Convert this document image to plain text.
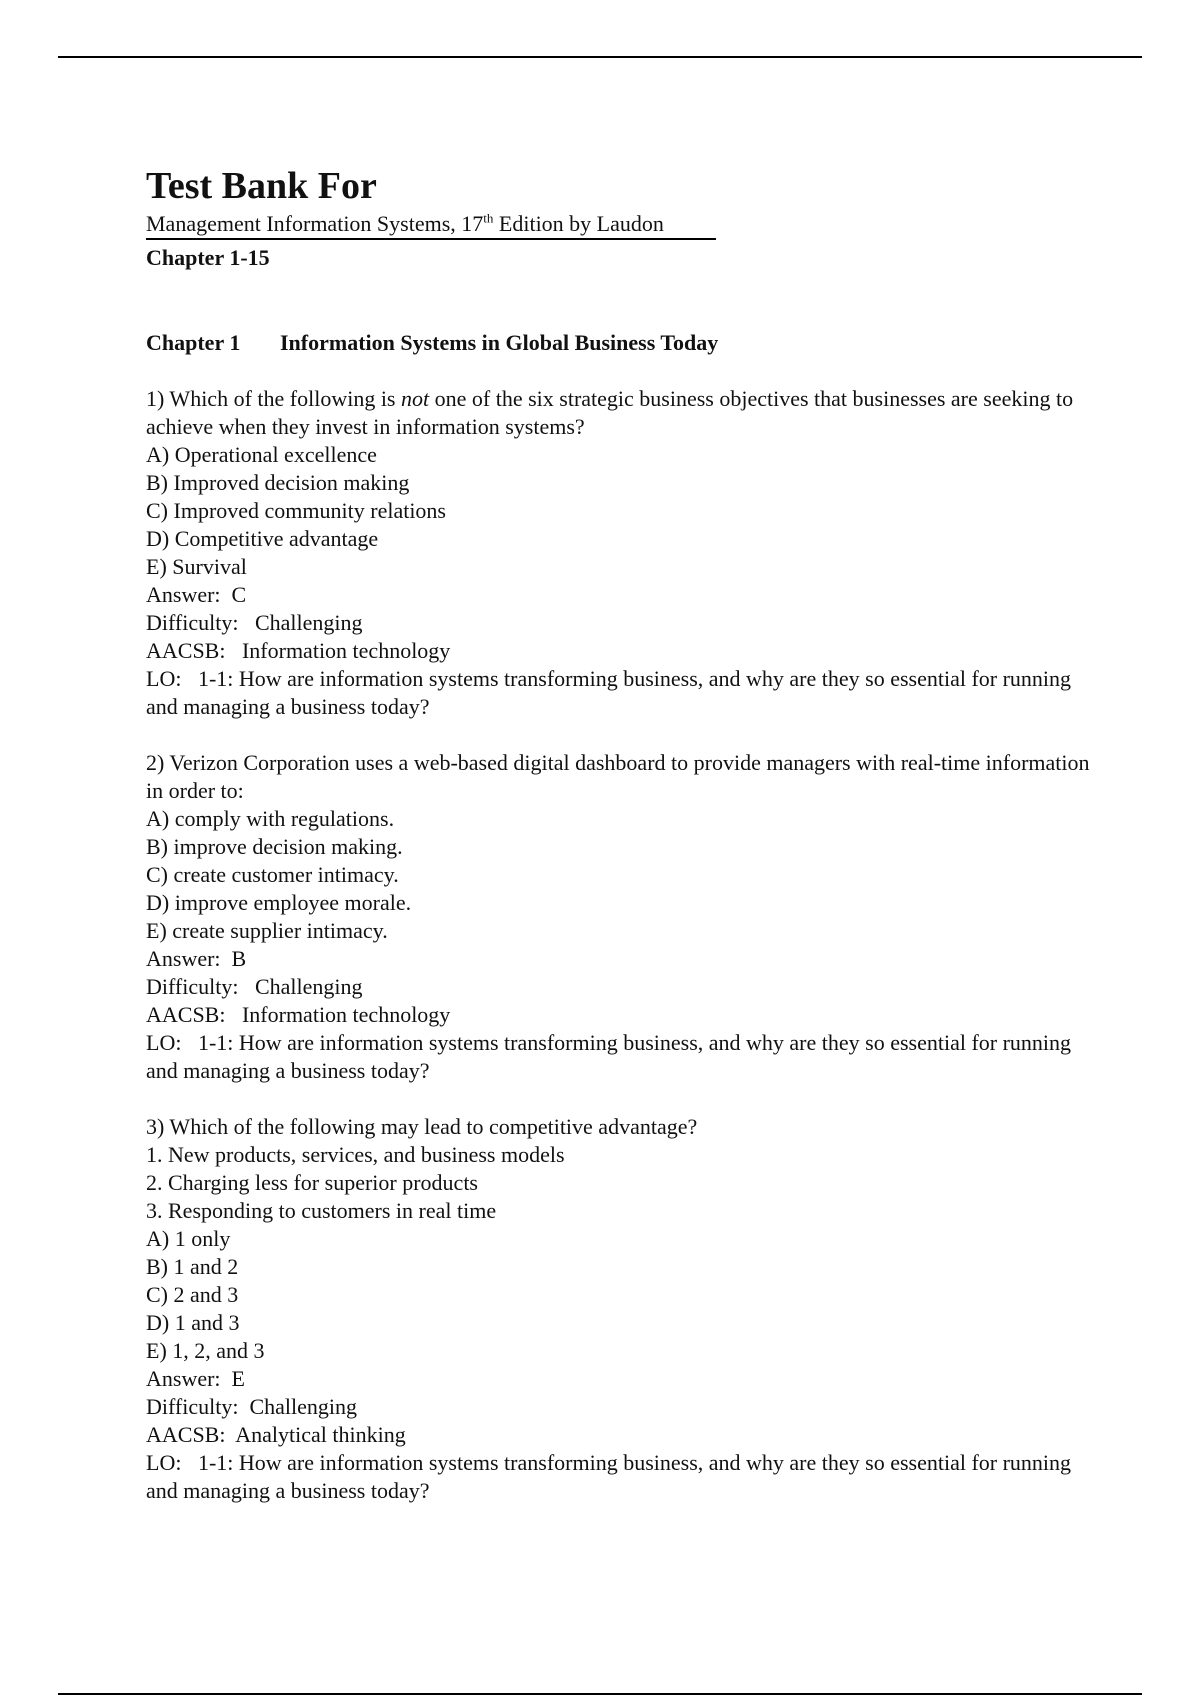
Test Bank For

Management Information Systems, 17th Edition by Laudon

Chapter 1-15
Chapter 1	Information Systems in Global Business Today

1) Which of the following is not one of the six strategic business objectives that businesses are seeking to achieve when they invest in information systems?

A) Operational excellence

B) Improved decision making

C) Improved community relations

D) Competitive advantage

E) Survival

Answer:  C

Difficulty:   Challenging

AACSB:   Information technology

LO:   1-1: How are information systems transforming business, and why are they so essential for running and managing a business today?

2) Verizon Corporation uses a web-based digital dashboard to provide managers with real-time information in order to:

A) comply with regulations.

B) improve decision making.

C) create customer intimacy.

D) improve employee morale.

E) create supplier intimacy.

Answer:  B

Difficulty:   Challenging

AACSB:   Information technology

LO:   1-1: How are information systems transforming business, and why are they so essential for running and managing a business today?

3) Which of the following may lead to competitive advantage?

1. New products, services, and business models

2. Charging less for superior products

3. Responding to customers in real time

A) 1 only

B) 1 and 2

C) 2 and 3

D) 1 and 3

E) 1, 2, and 3

Answer:  E

Difficulty:  Challenging

AACSB:  Analytical thinking

LO:   1-1: How are information systems transforming business, and why are they so essential for running and managing a business today?
